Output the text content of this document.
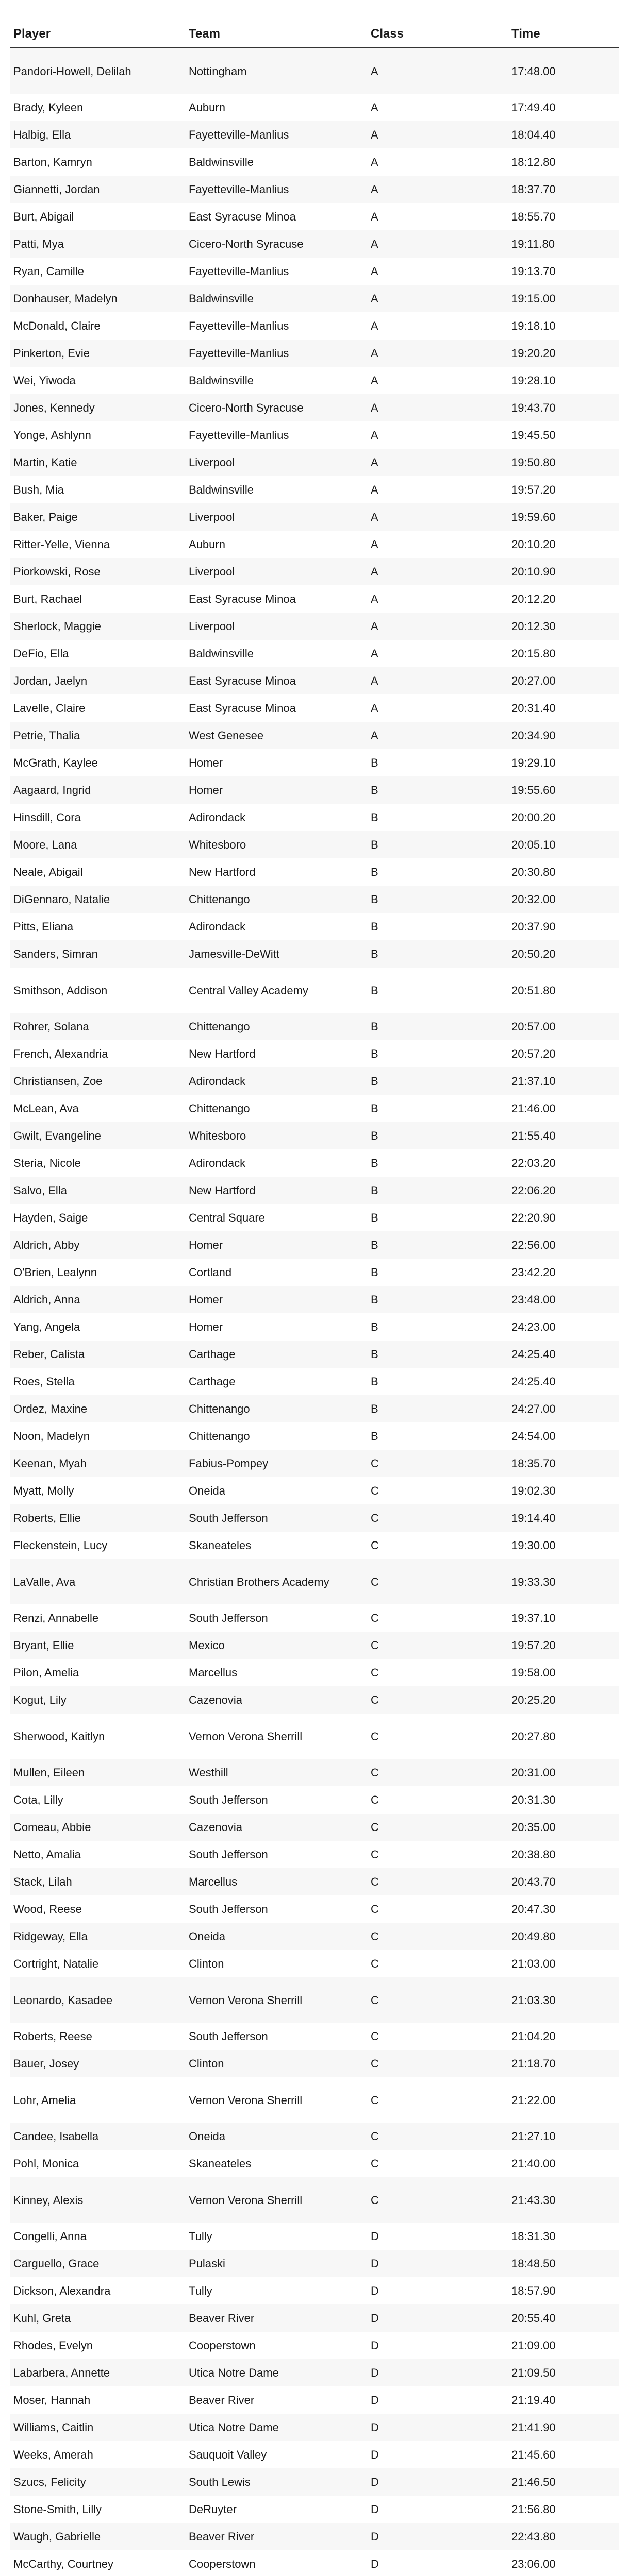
Player	Team	Class	Time
Pandori-Howell, Delilah	Nottingham	A	17:48.00
Brady, Kyleen	Auburn	A	17:49.40
Halbig, Ella	Fayetteville-Manlius	A	18:04.40
Barton, Kamryn	Baldwinsville	A	18:12.80
Giannetti, Jordan	Fayetteville-Manlius	A	18:37.70
Burt, Abigail	East Syracuse Minoa	A	18:55.70
Patti, Mya	Cicero-North Syracuse	A	19:11.80
Ryan, Camille	Fayetteville-Manlius	A	19:13.70
Donhauser, Madelyn	Baldwinsville	A	19:15.00
McDonald, Claire	Fayetteville-Manlius	A	19:18.10
Pinkerton, Evie	Fayetteville-Manlius	A	19:20.20
Wei, Yiwoda	Baldwinsville	A	19:28.10
Jones, Kennedy	Cicero-North Syracuse	A	19:43.70
Yonge, Ashlynn	Fayetteville-Manlius	A	19:45.50
Martin, Katie	Liverpool	A	19:50.80
Bush, Mia	Baldwinsville	A	19:57.20
Baker, Paige	Liverpool	A	19:59.60
Ritter-Yelle, Vienna	Auburn	A	20:10.20
Piorkowski, Rose	Liverpool	A	20:10.90
Burt, Rachael	East Syracuse Minoa	A	20:12.20
Sherlock, Maggie	Liverpool	A	20:12.30
DeFio, Ella	Baldwinsville	A	20:15.80
Jordan, Jaelyn	East Syracuse Minoa	A	20:27.00
Lavelle, Claire	East Syracuse Minoa	A	20:31.40
Petrie, Thalia	West Genesee	A	20:34.90
McGrath, Kaylee	Homer	B	19:29.10
Aagaard, Ingrid	Homer	B	19:55.60
Hinsdill, Cora	Adirondack	B	20:00.20
Moore, Lana	Whitesboro	B	20:05.10
Neale, Abigail	New Hartford	B	20:30.80
DiGennaro, Natalie	Chittenango	B	20:32.00
Pitts, Eliana	Adirondack	B	20:37.90
Sanders, Simran	Jamesville-DeWitt	B	20:50.20
Smithson, Addison	Central Valley Academy	B	20:51.80
Rohrer, Solana	Chittenango	B	20:57.00
French, Alexandria	New Hartford	B	20:57.20
Christiansen, Zoe	Adirondack	B	21:37.10
McLean, Ava	Chittenango	B	21:46.00
Gwilt, Evangeline	Whitesboro	B	21:55.40
Steria, Nicole	Adirondack	B	22:03.20
Salvo, Ella	New Hartford	B	22:06.20
Hayden, Saige	Central Square	B	22:20.90
Aldrich, Abby	Homer	B	22:56.00
O'Brien, Lealynn	Cortland	B	23:42.20
Aldrich, Anna	Homer	B	23:48.00
Yang, Angela	Homer	B	24:23.00
Reber, Calista	Carthage	B	24:25.40
Roes, Stella	Carthage	B	24:25.40
Ordez, Maxine	Chittenango	B	24:27.00
Noon, Madelyn	Chittenango	B	24:54.00
Keenan, Myah	Fabius-Pompey	C	18:35.70
Myatt, Molly	Oneida	C	19:02.30
Roberts, Ellie	South Jefferson	C	19:14.40
Fleckenstein, Lucy	Skaneateles	C	19:30.00
LaValle, Ava	Christian Brothers Academy	C	19:33.30
Renzi, Annabelle	South Jefferson	C	19:37.10
Bryant, Ellie	Mexico	C	19:57.20
Pilon, Amelia	Marcellus	C	19:58.00
Kogut, Lily	Cazenovia	C	20:25.20
Sherwood, Kaitlyn	Vernon Verona Sherrill	C	20:27.80
Mullen, Eileen	Westhill	C	20:31.00
Cota, Lilly	South Jefferson	C	20:31.30
Comeau, Abbie	Cazenovia	C	20:35.00
Netto, Amalia	South Jefferson	C	20:38.80
Stack, Lilah	Marcellus	C	20:43.70
Wood, Reese	South Jefferson	C	20:47.30
Ridgeway, Ella	Oneida	C	20:49.80
Cortright, Natalie	Clinton	C	21:03.00
Leonardo, Kasadee	Vernon Verona Sherrill	C	21:03.30
Roberts, Reese	South Jefferson	C	21:04.20
Bauer, Josey	Clinton	C	21:18.70
Lohr, Amelia	Vernon Verona Sherrill	C	21:22.00
Candee, Isabella	Oneida	C	21:27.10
Pohl, Monica	Skaneateles	C	21:40.00
Kinney, Alexis	Vernon Verona Sherrill	C	21:43.30
Congelli, Anna	Tully	D	18:31.30
Carguello, Grace	Pulaski	D	18:48.50
Dickson, Alexandra	Tully	D	18:57.90
Kuhl, Greta	Beaver River	D	20:55.40
Rhodes, Evelyn	Cooperstown	D	21:09.00
Labarbera, Annette	Utica Notre Dame	D	21:09.50
Moser, Hannah	Beaver River	D	21:19.40
Williams, Caitlin	Utica Notre Dame	D	21:41.90
Weeks, Amerah	Sauquoit Valley	D	21:45.60
Szucs, Felicity	South Lewis	D	21:46.50
Stone-Smith, Lilly	DeRuyter	D	21:56.80
Waugh, Gabrielle	Beaver River	D	22:43.80
McCarthy, Courtney	Cooperstown	D	23:06.00
